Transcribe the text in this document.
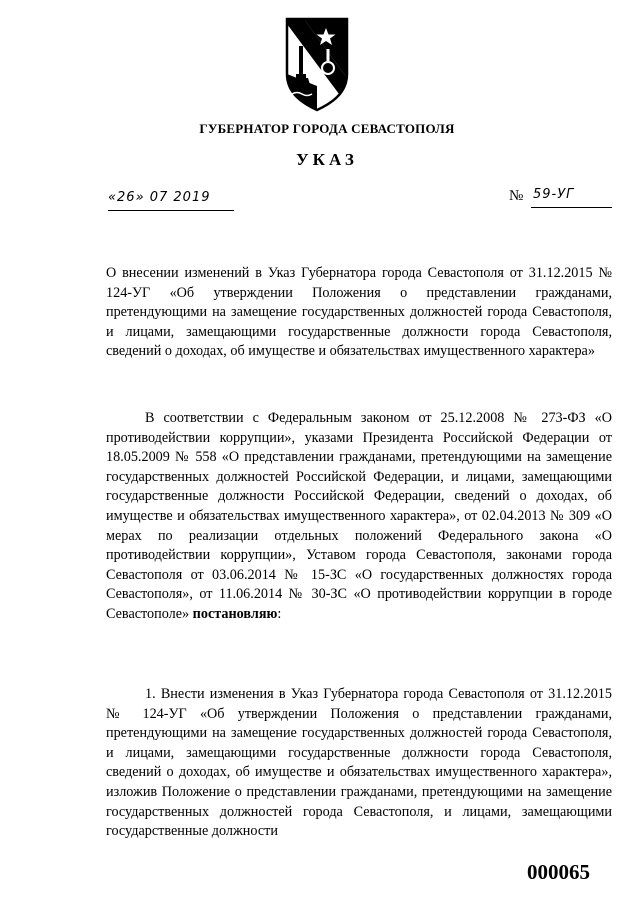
ГУБЕРНАТОР ГОРОДА СЕВАСТОПОЛЯ
УКАЗ
«26» 07 2019	№ 59-УГ

О внесении изменений в Указ Губернатора города Севастополя от 31.12.2015 № 124-УГ «Об утверждении Положения о представлении гражданами, претендующими на замещение государственных должностей города Севастополя, и лицами, замещающими государственные должности города Севастополя, сведений о доходах, об имуществе и обязательствах имущественного характера»

В соответствии с Федеральным законом от 25.12.2008 № 273-ФЗ «О противодействии коррупции», указами Президента Российской Федерации от 18.05.2009 № 558 «О представлении гражданами, претендующими на замещение государственных должностей Российской Федерации, и лицами, замещающими государственные должности Российской Федерации, сведений о доходах, об имуществе и обязательствах имущественного характера», от 02.04.2013 № 309 «О мерах по реализации отдельных положений Федерального закона «О противодействии коррупции», Уставом города Севастополя, законами города Севастополя от 03.06.2014 № 15-ЗС «О государственных должностях города Севастополя», от 11.06.2014 № 30-ЗС «О противодействии коррупции в городе Севастополе» постановляю:

1. Внести изменения в Указ Губернатора города Севастополя от 31.12.2015 № 124-УГ «Об утверждении Положения о представлении гражданами, претендующими на замещение государственных должностей города Севастополя, и лицами, замещающими государственные должности города Севастополя, сведений о доходах, об имуществе и обязательствах имущественного характера», изложив Положение о представлении гражданами, претендующими на замещение государственных должностей города Севастополя, и лицами, замещающими государственные должности

000065
